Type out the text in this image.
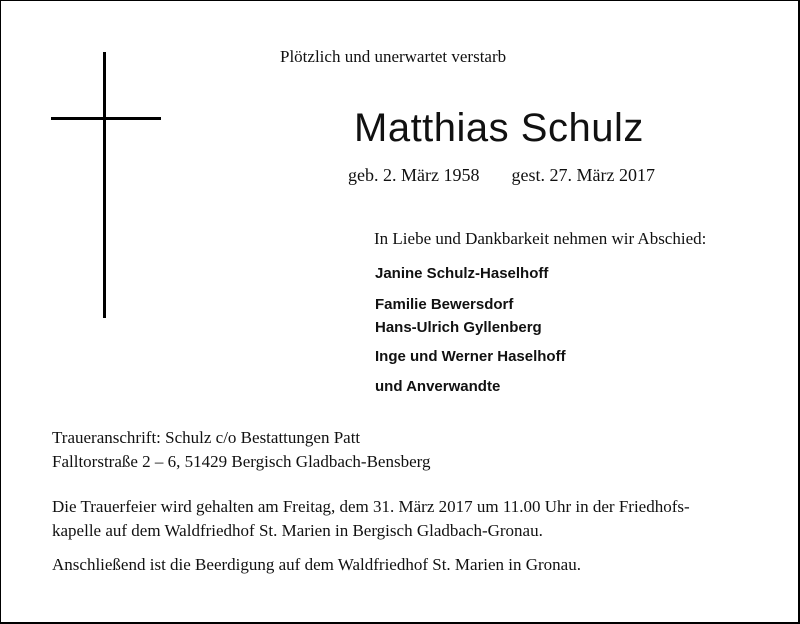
Plötzlich und unerwartet verstarb
Matthias Schulz
geb. 2. März 1958 gest. 27. März 2017
In Liebe und Dankbarkeit nehmen wir Abschied:
Janine Schulz-Haselhoff
Familie Bewersdorf
Hans-Ulrich Gyllenberg
Inge und Werner Haselhoff
und Anverwandte
Traueranschrift: Schulz c/o Bestattungen Patt
Falltorstraße 2 – 6, 51429 Bergisch Gladbach-Bensberg
Die Trauerfeier wird gehalten am Freitag, dem 31. März 2017 um 11.00 Uhr in der Friedhofs-
kapelle auf dem Waldfriedhof St. Marien in Bergisch Gladbach-Gronau.
Anschließend ist die Beerdigung auf dem Waldfriedhof St. Marien in Gronau.
